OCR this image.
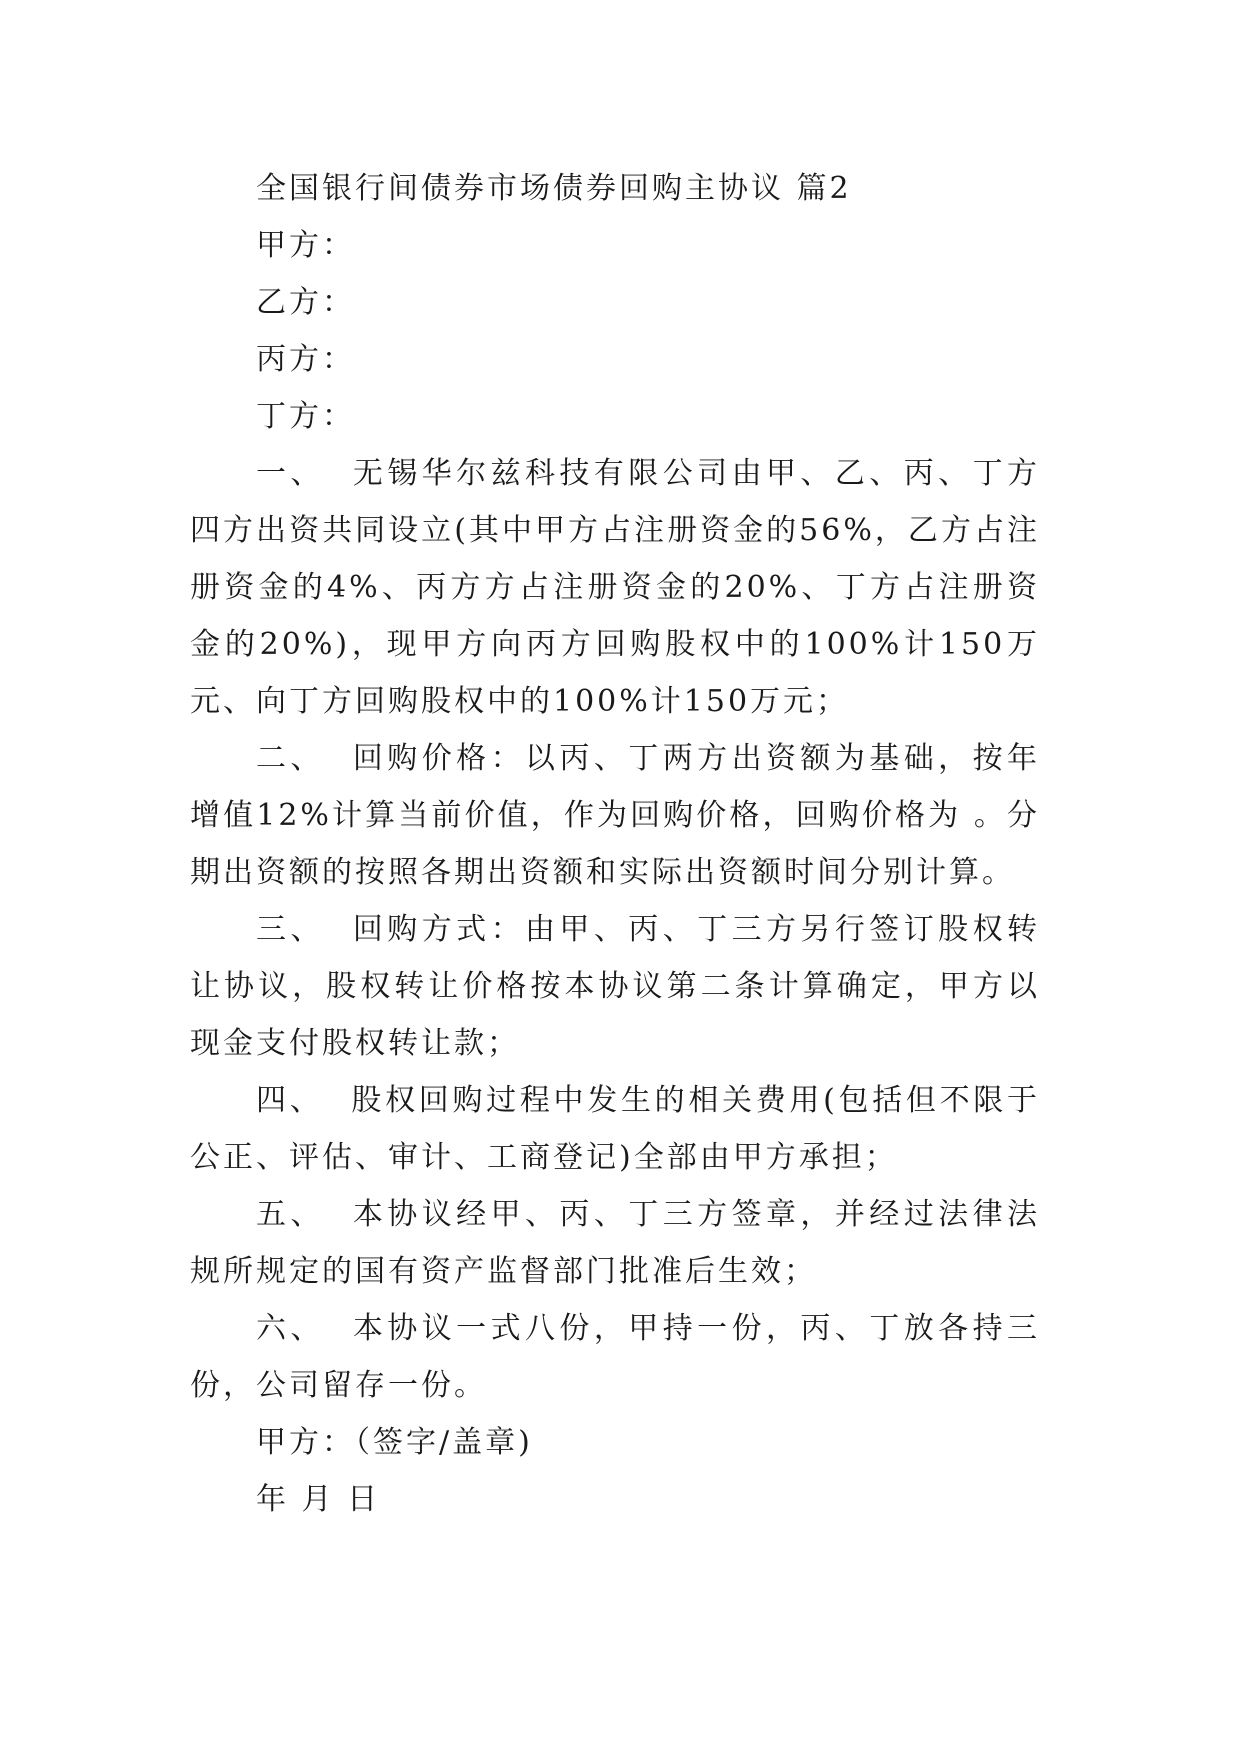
全国银行间债券市场债券回购主协议 篇2

甲方：

乙方：

丙方：

丁方：

一、 无锡华尔兹科技有限公司由甲、乙、丙、丁方四方出资共同设立(其中甲方占注册资金的56%，乙方占注册资金的4%、丙方方占注册资金的20%、丁方占注册资金的20%)，现甲方向丙方回购股权中的100%计150万元、向丁方回购股权中的100%计150万元；

二、 回购价格：以丙、丁两方出资额为基础，按年增值12%计算当前价值，作为回购价格，回购价格为 。分期出资额的按照各期出资额和实际出资额时间分别计算。

三、 回购方式：由甲、丙、丁三方另行签订股权转让协议，股权转让价格按本协议第二条计算确定，甲方以现金支付股权转让款；

四、 股权回购过程中发生的相关费用(包括但不限于公正、评估、审计、工商登记)全部由甲方承担；

五、 本协议经甲、丙、丁三方签章，并经过法律法规所规定的国有资产监督部门批准后生效；

六、 本协议一式八份，甲持一份，丙、丁放各持三份，公司留存一份。

甲方：（签字/盖章)

年 月 日
